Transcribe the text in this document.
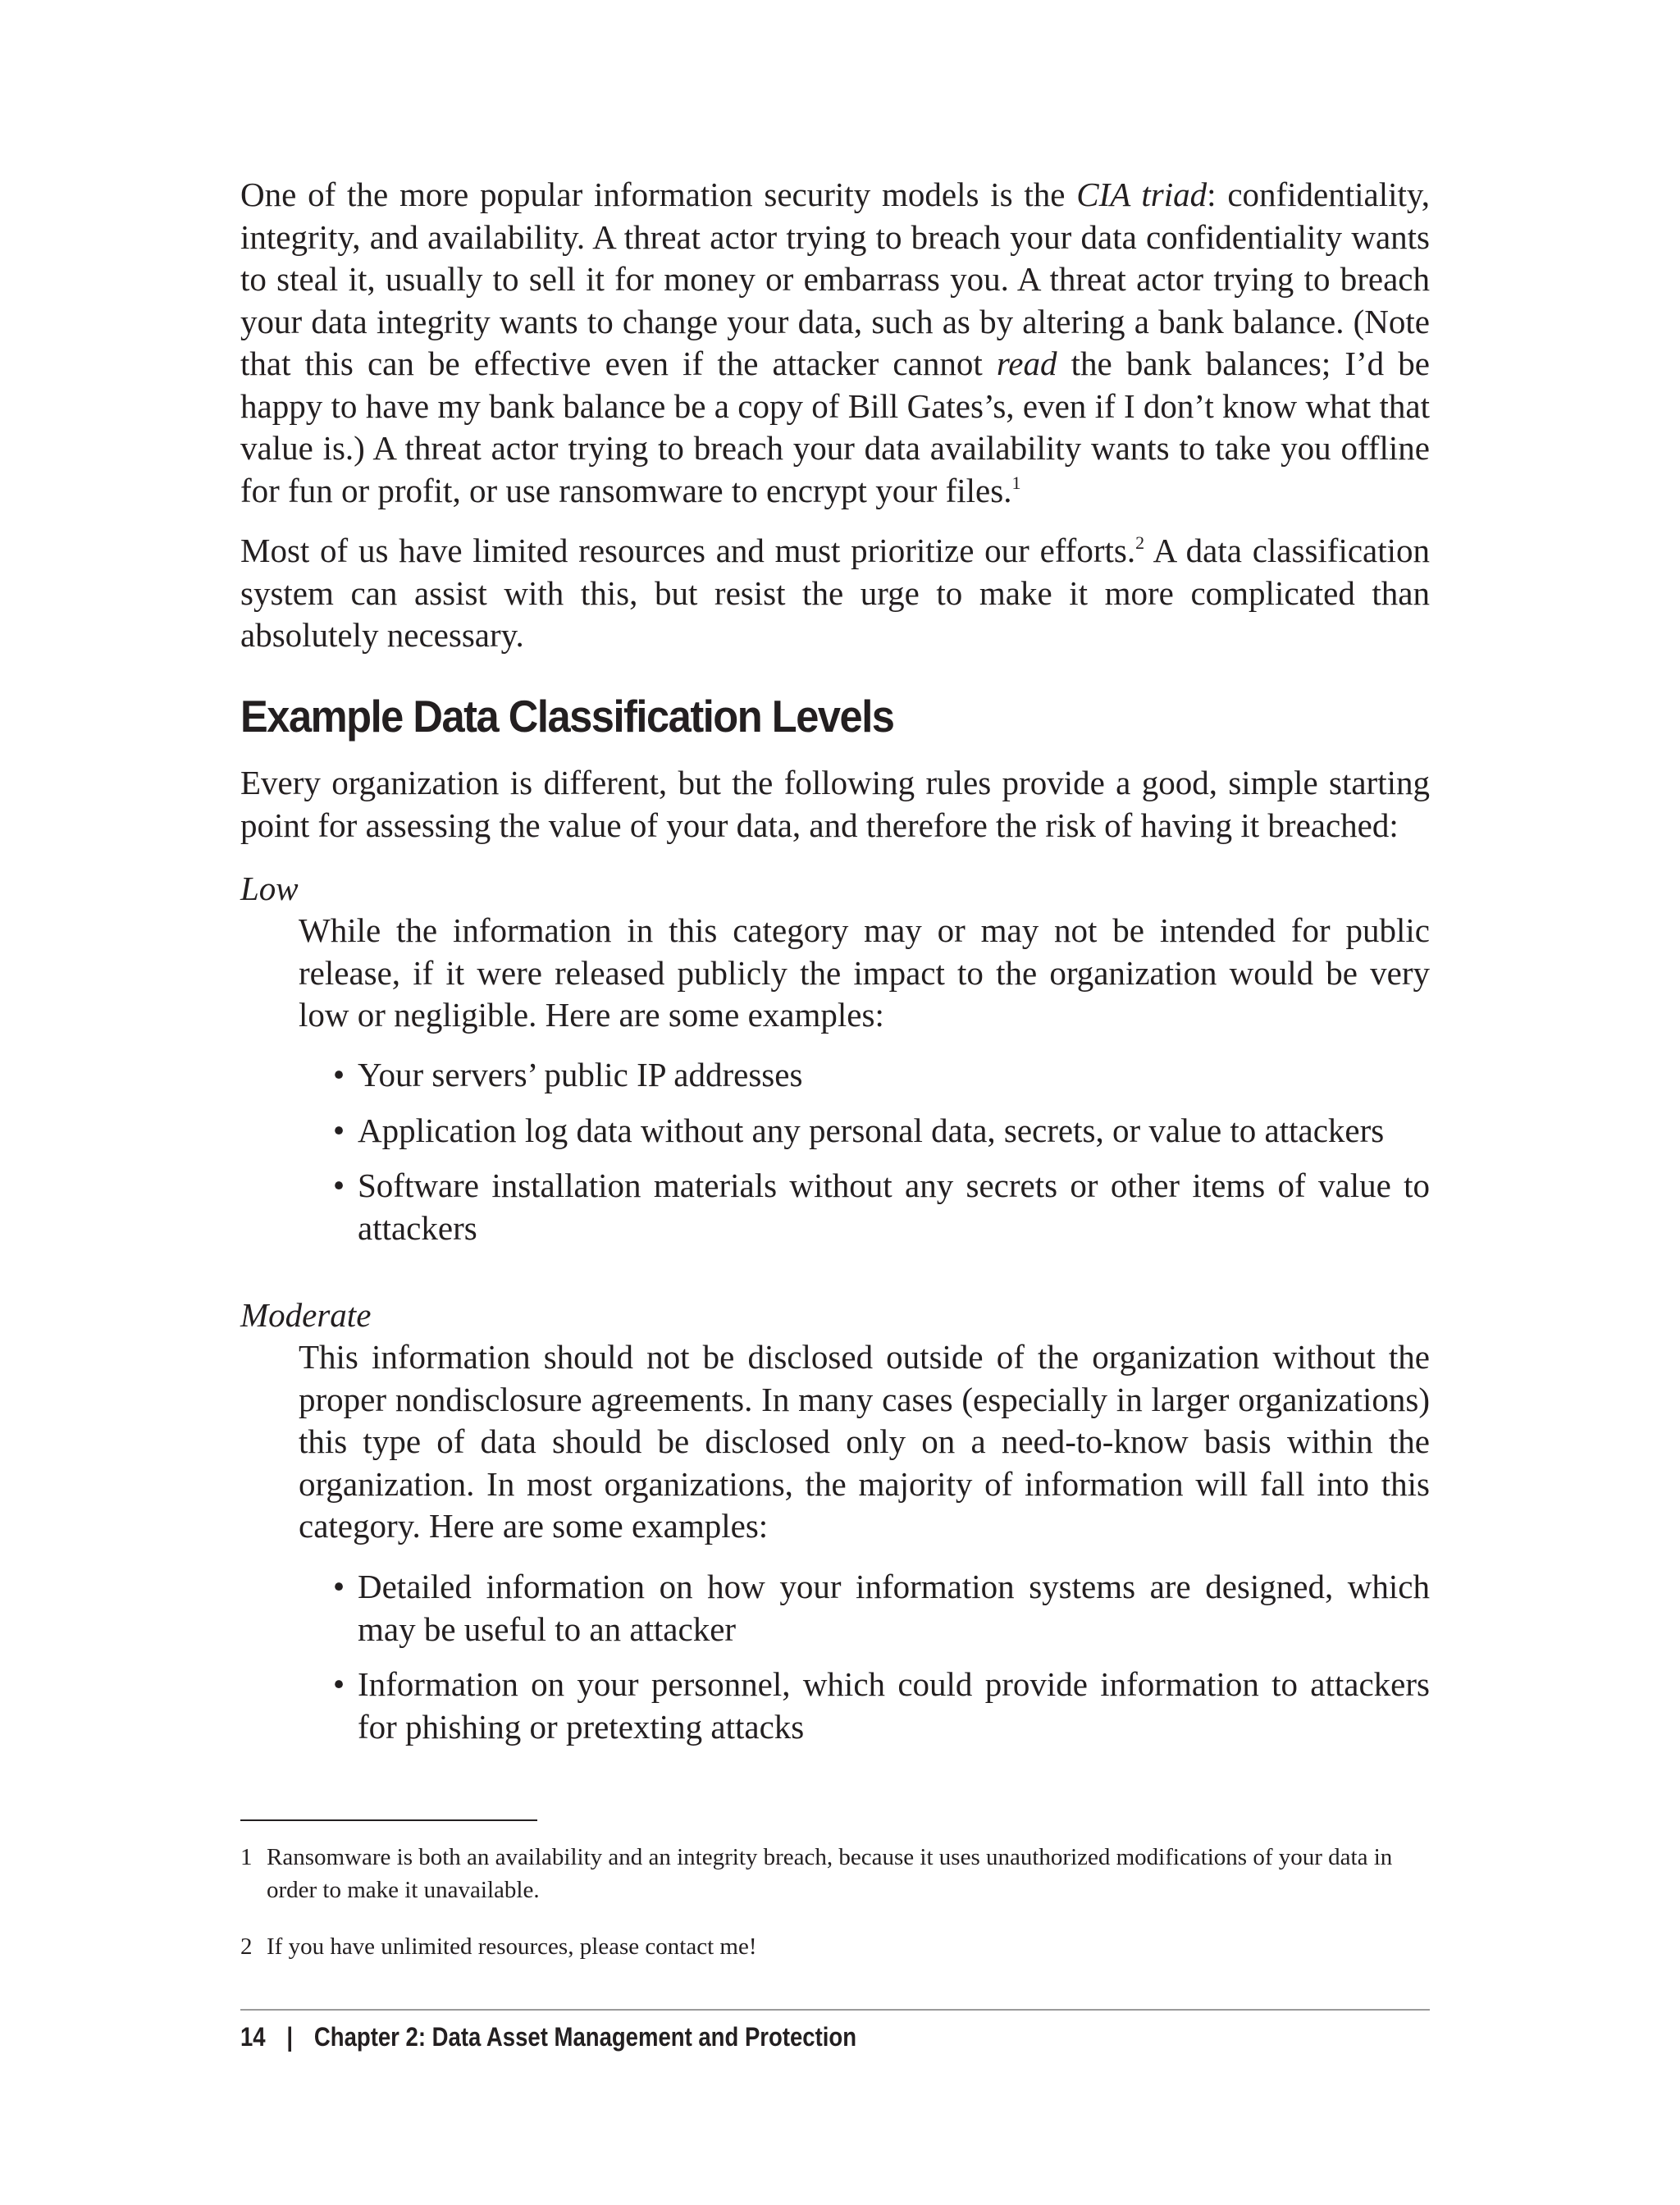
One of the more popular information security models is the CIA triad: confidentiality, integrity, and availability. A threat actor trying to breach your data confidentiality wants to steal it, usually to sell it for money or embarrass you. A threat actor trying to breach your data integrity wants to change your data, such as by altering a bank balance. (Note that this can be effective even if the attacker cannot read the bank balances; I’d be happy to have my bank balance be a copy of Bill Gates’s, even if I don’t know what that value is.) A threat actor trying to breach your data availability wants to take you offline for fun or profit, or use ransomware to encrypt your files.$^1$

Most of us have limited resources and must prioritize our efforts.$^2$ A data classification system can assist with this, but resist the urge to make it more complicated than absolutely necessary.

Example Data Classification Levels

Every organization is different, but the following rules provide a good, simple starting point for assessing the value of your data, and therefore the risk of having it breached:

Low

While the information in this category may or may not be intended for public release, if it were released publicly the impact to the organization would be very low or negligible. Here are some examples:

• Your servers’ public IP addresses
• Application log data without any personal data, secrets, or value to attackers
• Software installation materials without any secrets or other items of value to attackers

Moderate

This information should not be disclosed outside of the organization without the proper nondisclosure agreements. In many cases (especially in larger organizations) this type of data should be disclosed only on a need-to-know basis within the organization. In most organizations, the majority of information will fall into this category. Here are some examples:

• Detailed information on how your information systems are designed, which may be useful to an attacker
• Information on your personnel, which could provide information to attackers for phishing or pretexting attacks

1 Ransomware is both an availability and an integrity breach, because it uses unauthorized modifications of your data in order to make it unavailable.

2 If you have unlimited resources, please contact me!

14 | Chapter 2: Data Asset Management and Protection
